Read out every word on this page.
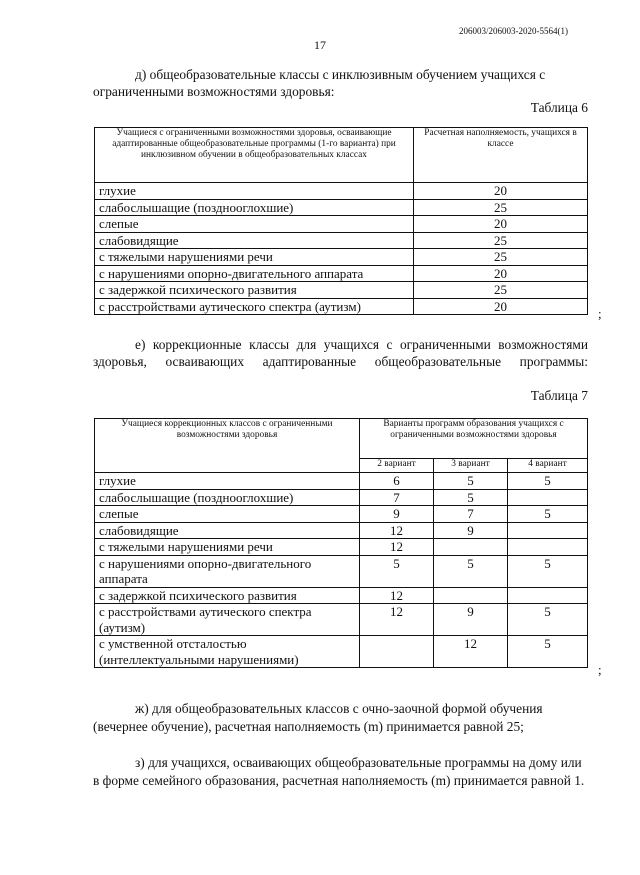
206003/206003-2020-5564(1)
17
д) общеобразовательные классы с инклюзивным обучением учащихся с ограниченными возможностями здоровья:
Таблица 6
Учащиеся с ограниченными возможностями здоровья, осваивающие адаптированные общеобразовательные программы (1-го варианта) при инклюзивном обучении в общеобразовательных классах	Расчетная наполняемость, учащихся в классе
глухие	20
слабослышащие (позднооглохшие)	25
слепые	20
слабовидящие	25
с тяжелыми нарушениями речи	25
с нарушениями опорно-двигательного аппарата	20
с задержкой психического развития	25
с расстройствами аутического спектра (аутизм)	20	;
е) коррекционные классы для учащихся с ограниченными возможностями здоровья, осваивающих адаптированные общеобразовательные программы:
Таблица 7
Учащиеся коррекционных классов с ограниченными возможностями здоровья	Варианты программ образования учащихся с ограниченными возможностями здоровья		
	2 вариант	3 вариант	4 вариант
глухие	6	5	5
слабослышащие (позднооглохшие)	7	5	
слепые	9	7	5
слабовидящие	12	9	
с тяжелыми нарушениями речи	12		
с нарушениями опорно-двигательного аппарата	5	5	5
с задержкой психического развития	12		
с расстройствами аутического спектра (аутизм)	12	9	5
с умственной отсталостью (интеллектуальными нарушениями)		12	5
;
ж) для общеобразовательных классов с очно-заочной формой обучения (вечернее обучение), расчетная наполняемость (m) принимается равной 25;
з) для учащихся, осваивающих общеобразовательные программы на дому или в форме семейного образования, расчетная наполняемость (m) принимается равной 1.
